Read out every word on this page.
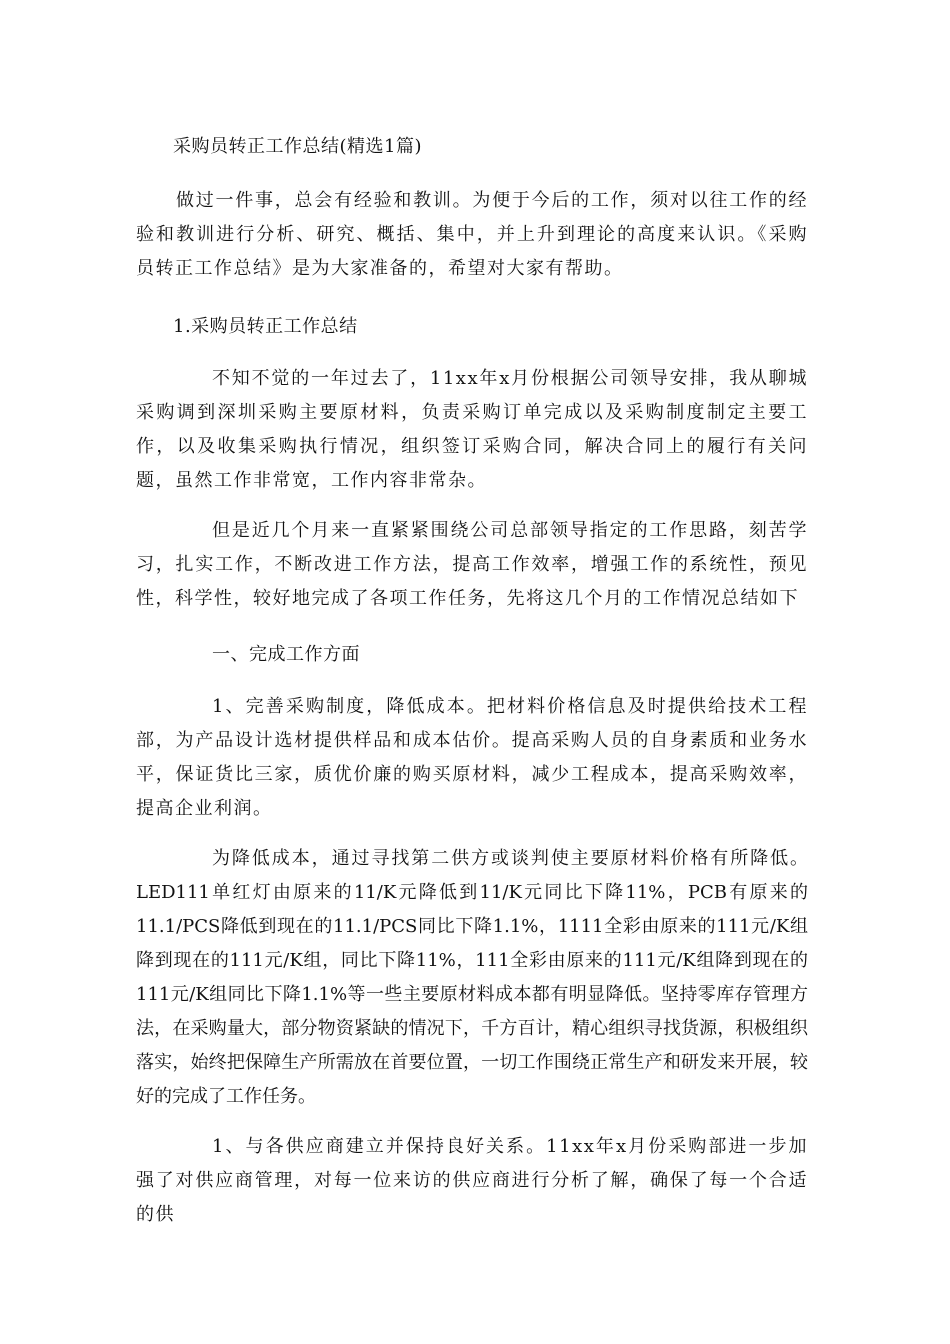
采购员转正工作总结(精选1篇)

做过一件事，总会有经验和教训。为便于今后的工作，须对以往工作的经验和教训进行分析、研究、概括、集中，并上升到理论的高度来认识。《采购员转正工作总结》是为大家准备的，希望对大家有帮助。

1.采购员转正工作总结

不知不觉的一年过去了，11xx年x月份根据公司领导安排，我从聊城采购调到深圳采购主要原材料，负责采购订单完成以及采购制度制定主要工作，以及收集采购执行情况，组织签订采购合同，解决合同上的履行有关问题，虽然工作非常宽，工作内容非常杂。

但是近几个月来一直紧紧围绕公司总部领导指定的工作思路，刻苦学习，扎实工作，不断改进工作方法，提高工作效率，增强工作的系统性，预见性，科学性，较好地完成了各项工作任务，先将这几个月的工作情况总结如下

一、完成工作方面

1、完善采购制度，降低成本。把材料价格信息及时提供给技术工程部，为产品设计选材提供样品和成本估价。提高采购人员的自身素质和业务水平，保证货比三家，质优价廉的购买原材料，减少工程成本，提高采购效率，提高企业利润。

为降低成本，通过寻找第二供方或谈判使主要原材料价格有所降低。LED111单红灯由原来的11/K元降低到11/K元同比下降11%，PCB有原来的11.1/PCS降低到现在的11.1/PCS同比下降1.1%，1111全彩由原来的111元/K组降到现在的111元/K组，同比下降11%，111全彩由原来的111元/K组降到现在的111元/K组同比下降1.1%等一些主要原材料成本都有明显降低。坚持零库存管理方法，在采购量大，部分物资紧缺的情况下，千方百计，精心组织寻找货源，积极组织落实，始终把保障生产所需放在首要位置，一切工作围绕正常生产和研发来开展，较好的完成了工作任务。

1、与各供应商建立并保持良好关系。11xx年x月份采购部进一步加强了对供应商管理，对每一位来访的供应商进行分析了解，确保了每一个合适的供
